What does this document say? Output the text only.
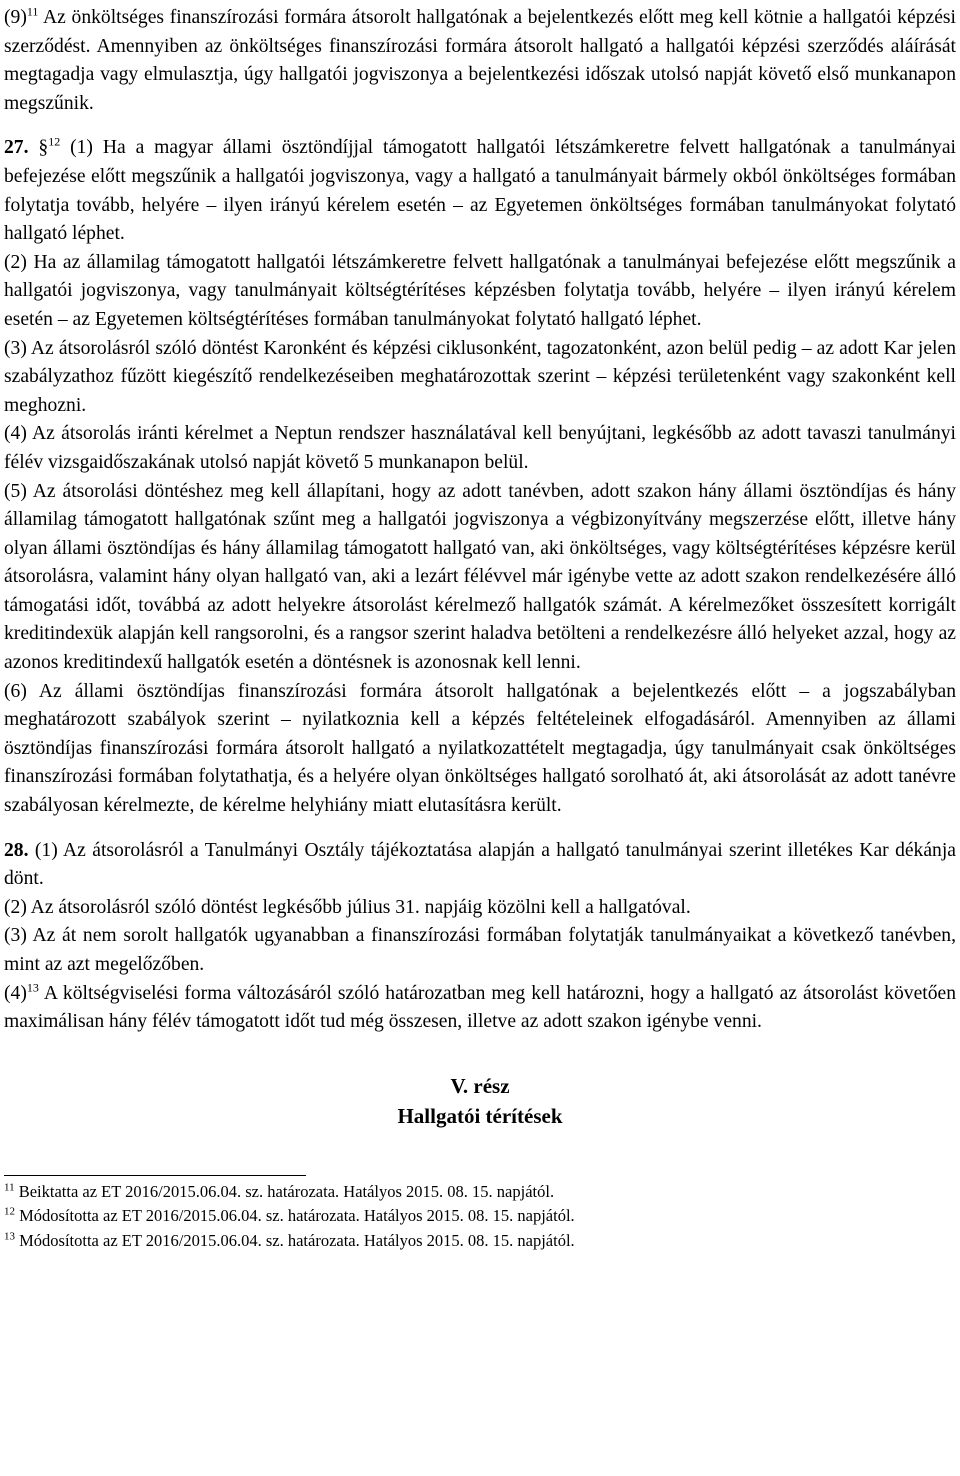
$(9)^{11}$ Az önköltséges finanszírozási formára átsorolt hallgatónak a bejelentkezés előtt meg kell kötnie a hallgatói képzési szerződést. Amennyiben az önköltséges finanszírozási formára átsorolt hallgató a hallgatói képzési szerződés aláírását megtagadja vagy elmulasztja, úgy hallgatói jogviszonya a bejelentkezési időszak utolsó napját követő első munkanapon megszűnik.

27. §$^{12}$ (1) Ha a magyar állami ösztöndíjjal támogatott hallgatói létszámkeretre felvett hallgatónak a tanulmányai befejezése előtt megszűnik a hallgatói jogviszonya, vagy a hallgató a tanulmányait bármely okból önköltséges formában folytatja tovább, helyére – ilyen irányú kérelem esetén – az Egyetemen önköltséges formában tanulmányokat folytató hallgató léphet.

(2) Ha az államilag támogatott hallgatói létszámkeretre felvett hallgatónak a tanulmányai befejezése előtt megszűnik a hallgatói jogviszonya, vagy tanulmányait költségtérítéses képzésben folytatja tovább, helyére – ilyen irányú kérelem esetén – az Egyetemen költségtérítéses formában tanulmányokat folytató hallgató léphet.

(3) Az átsorolásról szóló döntést Karonként és képzési ciklusonként, tagozatonként, azon belül pedig – az adott Kar jelen szabályzathoz fűzött kiegészítő rendelkezéseiben meghatározottak szerint – képzési területenként vagy szakonként kell meghozni.

(4) Az átsorolás iránti kérelmet a Neptun rendszer használatával kell benyújtani, legkésőbb az adott tavaszi tanulmányi félév vizsgaidőszakának utolsó napját követő 5 munkanapon belül.

(5) Az átsorolási döntéshez meg kell állapítani, hogy az adott tanévben, adott szakon hány állami ösztöndíjas és hány államilag támogatott hallgatónak szűnt meg a hallgatói jogviszonya a végbizonyítvány megszerzése előtt, illetve hány olyan állami ösztöndíjas és hány államilag támogatott hallgató van, aki önköltséges, vagy költségtérítéses képzésre kerül átsorolásra, valamint hány olyan hallgató van, aki a lezárt félévvel már igénybe vette az adott szakon rendelkezésére álló támogatási időt, továbbá az adott helyekre átsorolást kérelmező hallgatók számát. A kérelmezőket összesített korrigált kreditindexük alapján kell rangsorolni, és a rangsor szerint haladva betölteni a rendelkezésre álló helyeket azzal, hogy az azonos kreditindexű hallgatók esetén a döntésnek is azonosnak kell lenni.

(6) Az állami ösztöndíjas finanszírozási formára átsorolt hallgatónak a bejelentkezés előtt – a jogszabályban meghatározott szabályok szerint – nyilatkoznia kell a képzés feltételeinek elfogadásáról. Amennyiben az állami ösztöndíjas finanszírozási formára átsorolt hallgató a nyilatkozattételt megtagadja, úgy tanulmányait csak önköltséges finanszírozási formában folytathatja, és a helyére olyan önköltséges hallgató sorolható át, aki átsorolását az adott tanévre szabályosan kérelmezte, de kérelme helyhiány miatt elutasításra került.

28. (1) Az átsorolásról a Tanulmányi Osztály tájékoztatása alapján a hallgató tanulmányai szerint illetékes Kar dékánja dönt.

(2) Az átsorolásról szóló döntést legkésőbb július 31. napjáig közölni kell a hallgatóval.

(3) Az át nem sorolt hallgatók ugyanabban a finanszírozási formában folytatják tanulmányaikat a következő tanévben, mint az azt megelőzőben.

$(4)^{13}$ A költségviselési forma változásáról szóló határozatban meg kell határozni, hogy a hallgató az átsorolást követően maximálisan hány félév támogatott időt tud még összesen, illetve az adott szakon igénybe venni.

V. rész

Hallgatói térítések

$^{11}$ Beiktatta az ET 2016/2015.06.04. sz. határozata. Hatályos 2015. 08. 15. napjától.

$^{12}$ Módosította az ET 2016/2015.06.04. sz. határozata. Hatályos 2015. 08. 15. napjától.

$^{13}$ Módosította az ET 2016/2015.06.04. sz. határozata. Hatályos 2015. 08. 15. napjától.
